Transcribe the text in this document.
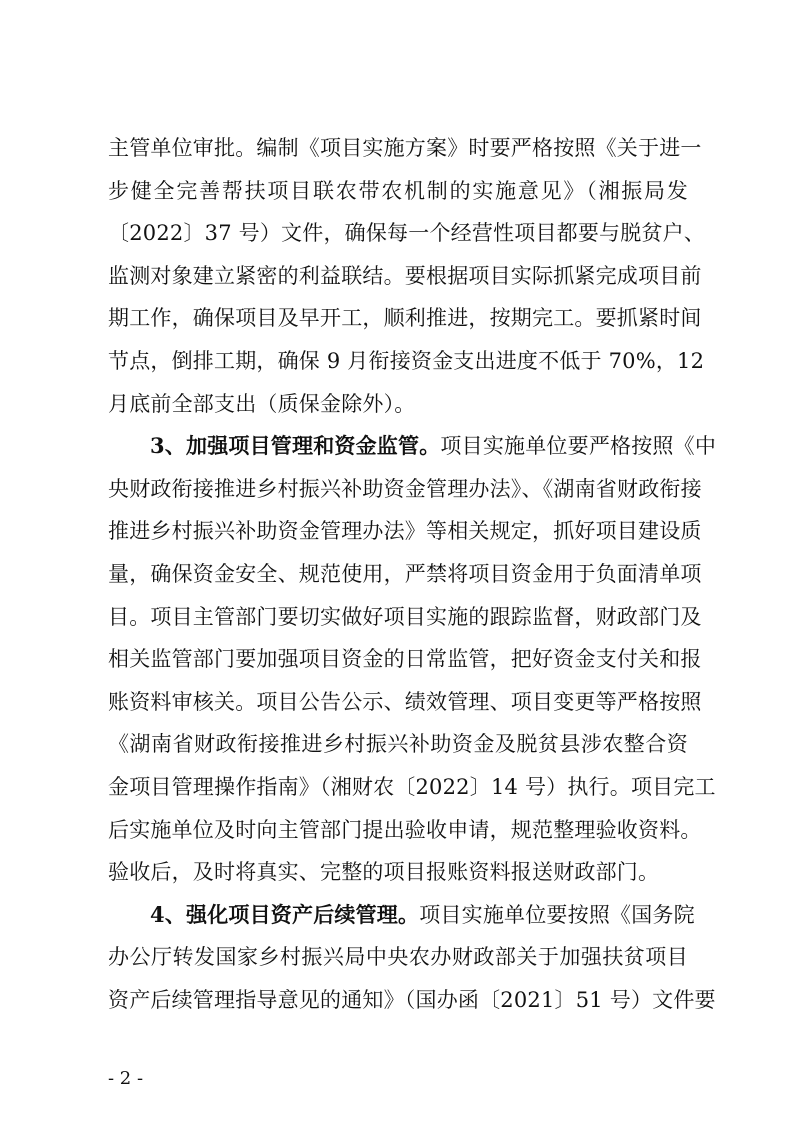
主管单位审批。编制《项目实施方案》时要严格按照《关于进一
步健全完善帮扶项目联农带农机制的实施意见》（湘振局发
〔2022〕37 号）文件，确保每一个经营性项目都要与脱贫户、
监测对象建立紧密的利益联结。要根据项目实际抓紧完成项目前
期工作，确保项目及早开工，顺利推进，按期完工。要抓紧时间
节点，倒排工期，确保 9 月衔接资金支出进度不低于 70%，12
月底前全部支出（质保金除外）。
3、加强项目管理和资金监管。项目实施单位要严格按照《中
央财政衔接推进乡村振兴补助资金管理办法》、《湖南省财政衔接
推进乡村振兴补助资金管理办法》等相关规定，抓好项目建设质
量，确保资金安全、规范使用，严禁将项目资金用于负面清单项
目。项目主管部门要切实做好项目实施的跟踪监督，财政部门及
相关监管部门要加强项目资金的日常监管，把好资金支付关和报
账资料审核关。项目公告公示、绩效管理、项目变更等严格按照
《湖南省财政衔接推进乡村振兴补助资金及脱贫县涉农整合资
金项目管理操作指南》（湘财农〔2022〕14 号）执行。项目完工
后实施单位及时向主管部门提出验收申请，规范整理验收资料。
验收后，及时将真实、完整的项目报账资料报送财政部门。
4、强化项目资产后续管理。项目实施单位要按照《国务院
办公厅转发国家乡村振兴局中央农办财政部关于加强扶贫项目
资产后续管理指导意见的通知》（国办函〔2021〕51 号）文件要
- 2 -
